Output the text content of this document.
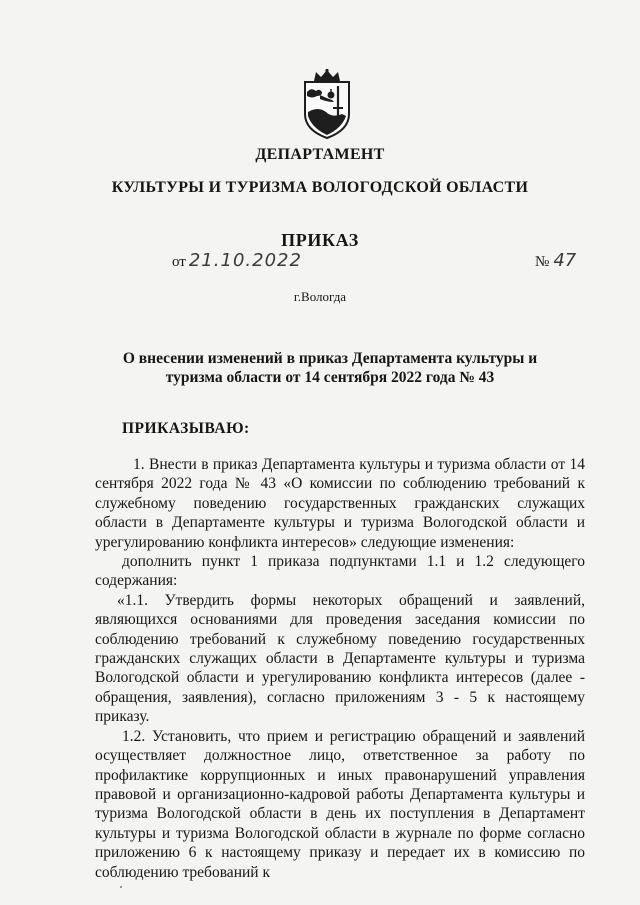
ДЕПАРТАМЕНТ
КУЛЬТУРЫ И ТУРИЗМА ВОЛОГОДСКОЙ ОБЛАСТИ
ПРИКАЗ
от 21.10.2022	№ 47
г.Вологда
О внесении изменений в приказ Департамента культуры и туризма области от 14 сентября 2022 года № 43
ПРИКАЗЫВАЮ:

1. Внести в приказ Департамента культуры и туризма области от 14 сентября 2022 года № 43 «О комиссии по соблюдению требований к служебному поведению государственных гражданских служащих области в Департаменте культуры и туризма Вологодской области и урегулированию конфликта интересов» следующие изменения:

дополнить пункт 1 приказа подпунктами 1.1 и 1.2 следующего содержания:

«1.1. Утвердить формы некоторых обращений и заявлений, являющихся основаниями для проведения заседания комиссии по соблюдению требований к служебному поведению государственных гражданских служащих области в Департаменте культуры и туризма Вологодской области и урегулированию конфликта интересов (далее - обращения, заявления), согласно приложениям 3 - 5 к настоящему приказу.

1.2. Установить, что прием и регистрацию обращений и заявлений осуществляет должностное лицо, ответственное за работу по профилактике коррупционных и иных правонарушений управления правовой и организационно-кадровой работы Департамента культуры и туризма Вологодской области в день их поступления в Департамент культуры и туризма Вологодской области в журнале по форме согласно приложению 6 к настоящему приказу и передает их в комиссию по соблюдению требований к
